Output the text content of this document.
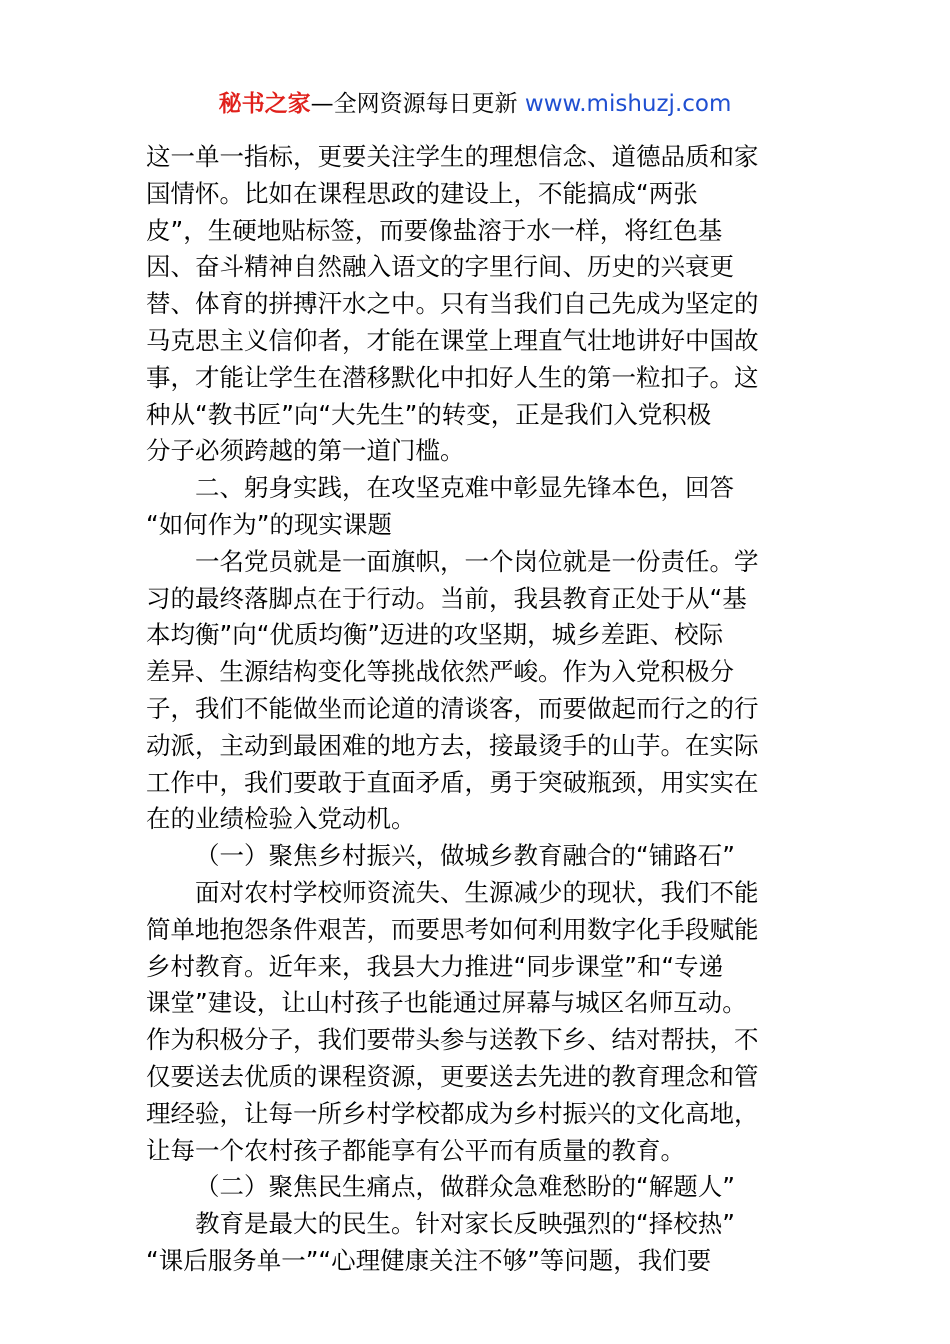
秘书之家—全网资源每日更新 www.mishuzj.com
这一单一指标，更要关注学生的理想信念、道德品质和家
国情怀。比如在课程思政的建设上，不能搞成“两张
皮”，生硬地贴标签，而要像盐溶于水一样，将红色基
因、奋斗精神自然融入语文的字里行间、历史的兴衰更
替、体育的拼搏汗水之中。只有当我们自己先成为坚定的
马克思主义信仰者，才能在课堂上理直气壮地讲好中国故
事，才能让学生在潜移默化中扣好人生的第一粒扣子。这
种从“教书匠”向“大先生”的转变，正是我们入党积极
分子必须跨越的第一道门槛。
二、躬身实践，在攻坚克难中彰显先锋本色，回答
“如何作为”的现实课题
一名党员就是一面旗帜，一个岗位就是一份责任。学
习的最终落脚点在于行动。当前，我县教育正处于从“基
本均衡”向“优质均衡”迈进的攻坚期，城乡差距、校际
差异、生源结构变化等挑战依然严峻。作为入党积极分
子，我们不能做坐而论道的清谈客，而要做起而行之的行
动派，主动到最困难的地方去，接最烫手的山芋。在实际
工作中，我们要敢于直面矛盾，勇于突破瓶颈，用实实在
在的业绩检验入党动机。
（一）聚焦乡村振兴，做城乡教育融合的“铺路石”
面对农村学校师资流失、生源减少的现状，我们不能
简单地抱怨条件艰苦，而要思考如何利用数字化手段赋能
乡村教育。近年来，我县大力推进“同步课堂”和“专递
课堂”建设，让山村孩子也能通过屏幕与城区名师互动。
作为积极分子，我们要带头参与送教下乡、结对帮扶，不
仅要送去优质的课程资源，更要送去先进的教育理念和管
理经验，让每一所乡村学校都成为乡村振兴的文化高地，
让每一个农村孩子都能享有公平而有质量的教育。
（二）聚焦民生痛点，做群众急难愁盼的“解题人”
教育是最大的民生。针对家长反映强烈的“择校热”
“课后服务单一”“心理健康关注不够”等问题，我们要
